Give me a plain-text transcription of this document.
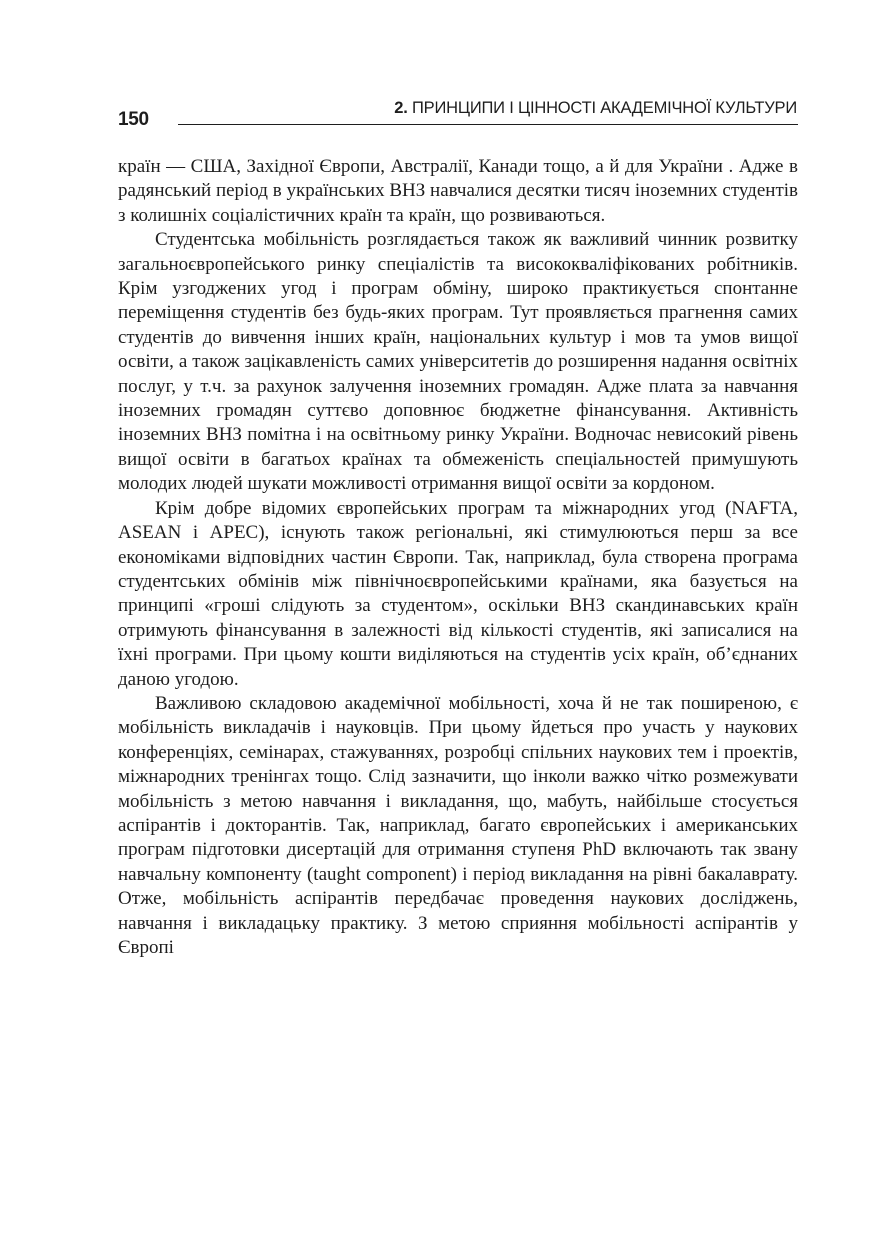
150
2. ПРИНЦИПИ І ЦІННОСТІ АКАДЕМІЧНОЇ КУЛЬТУРИ

країн — США, Західної Європи, Австралії, Канади тощо, а й для України . Адже в радянський період в українських ВНЗ навчалися десятки тисяч іноземних студентів з колишніх соціалістичних країн та країн, що розвиваються.

Студентська мобільність розглядається також як важливий чинник розвитку загальноєвропейського ринку спеціалістів та висококваліфікованих робітників. Крім узгоджених угод і програм обміну, широко практикується спонтанне переміщення студентів без будь-яких програм. Тут проявляється прагнення самих студентів до вивчення інших країн, національних культур і мов та умов вищої освіти, а також зацікавленість самих університетів до розширення надання освітніх послуг, у т.ч. за рахунок залучення іноземних громадян. Адже плата за навчання іноземних громадян суттєво доповнює бюджетне фінансування. Активність іноземних ВНЗ помітна і на освітньому ринку України. Водночас невисокий рівень вищої освіти в багатьох країнах та обмеженість спеціальностей примушують молодих людей шукати можливості отримання вищої освіти за кордоном.

Крім добре відомих європейських програм та міжнародних угод (NAFTA, ASEAN і APEC), існують також регіональні, які стимулюються перш за все економіками відповідних частин Європи. Так, наприклад, була створена програма студентських обмінів між північноєвропейськими країнами, яка базується на принципі «гроші слідують за студентом», оскільки ВНЗ скандинавських країн отримують фінансування в залежності від кількості студентів, які записалися на їхні програми. При цьому кошти виділяються на студентів усіх країн, об’єднаних даною угодою.

Важливою складовою академічної мобільності, хоча й не так поширеною, є мобільність викладачів і науковців. При цьому йдеться про участь у наукових конференціях, семінарах, стажуваннях, розробці спільних наукових тем і проектів, міжнародних тренінгах тощо. Слід зазначити, що інколи важко чітко розмежувати мобільність з метою навчання і викладання, що, мабуть, найбільше стосується аспірантів і докторантів. Так, наприклад, багато європейських і американських програм підготовки дисертацій для отримання ступеня PhD включають так звану навчальну компоненту (taught component) і період викладання на рівні бакалаврату. Отже, мобільність аспірантів передбачає проведення наукових досліджень, навчання і викладацьку практику. З метою сприяння мобільності аспірантів у Європі
